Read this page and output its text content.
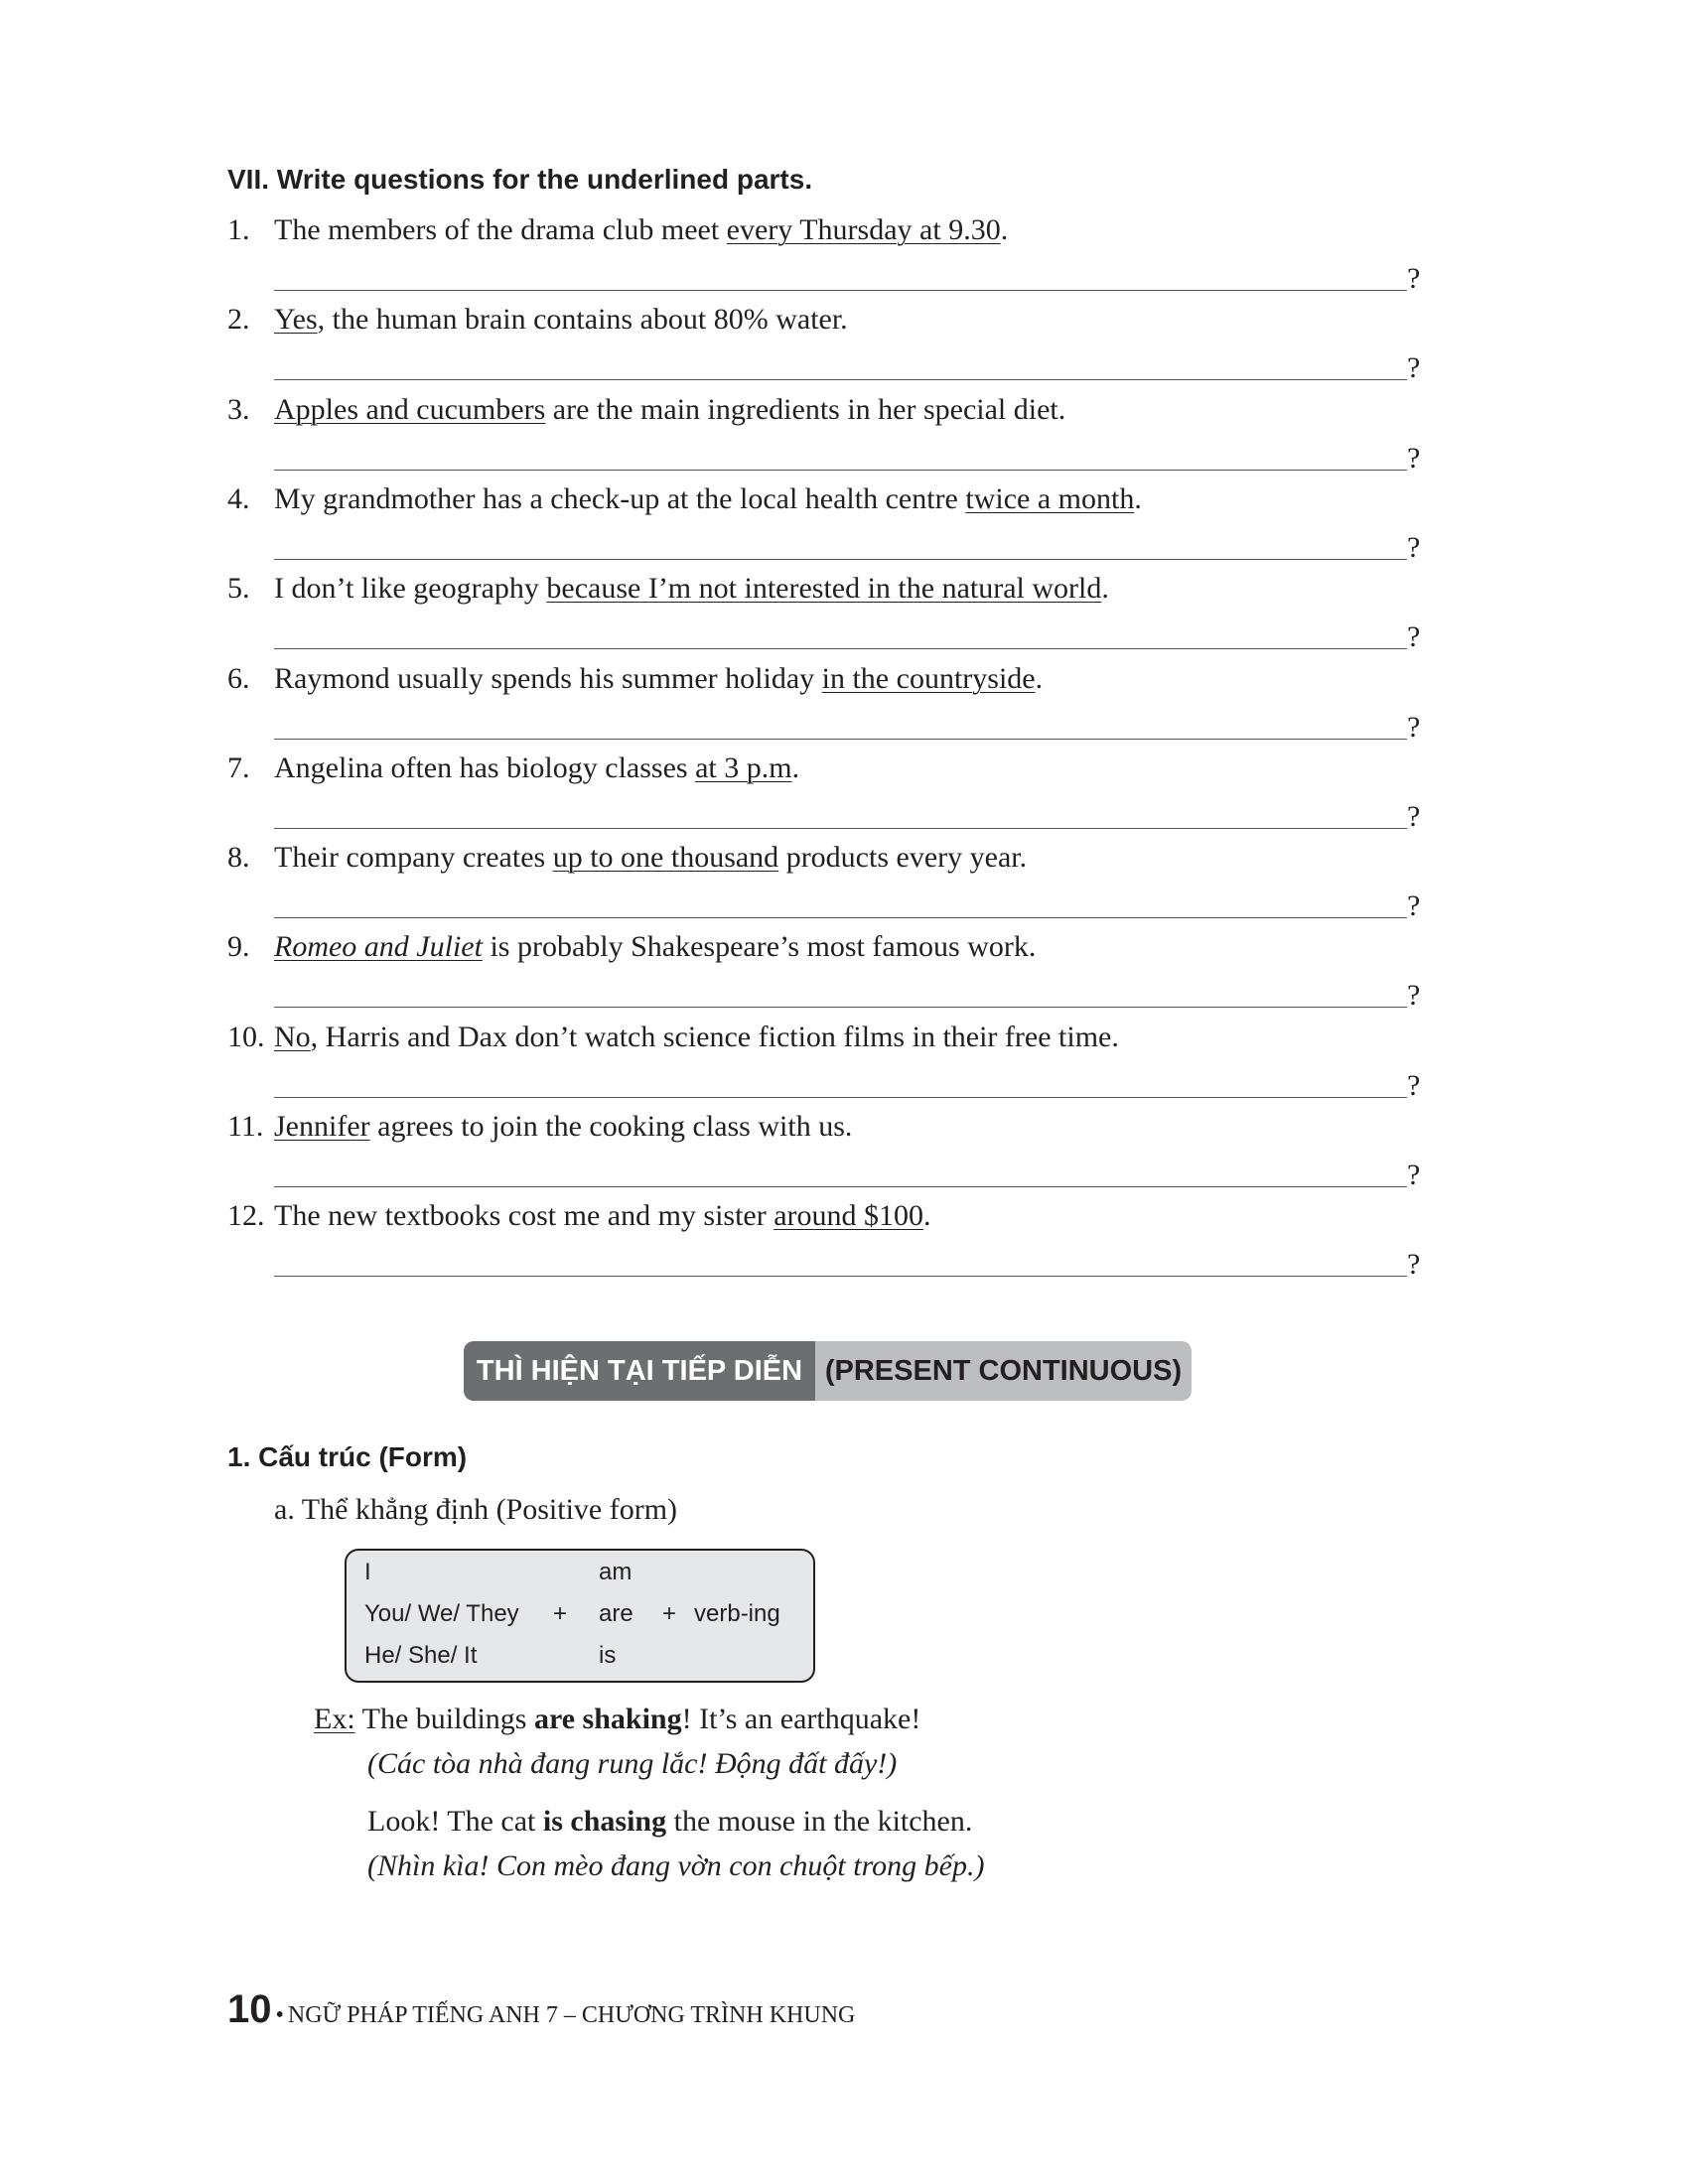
VII. Write questions for the underlined parts.
1. The members of the drama club meet every Thursday at 9.30.
?
2. Yes, the human brain contains about 80% water.
?
3. Apples and cucumbers are the main ingredients in her special diet.
?
4. My grandmother has a check-up at the local health centre twice a month.
?
5. I don’t like geography because I’m not interested in the natural world.
?
6. Raymond usually spends his summer holiday in the countryside.
?
7. Angelina often has biology classes at 3 p.m.
?
8. Their company creates up to one thousand products every year.
?
9. Romeo and Juliet is probably Shakespeare’s most famous work.
?
10. No, Harris and Dax don’t watch science fiction films in their free time.
?
11. Jennifer agrees to join the cooking class with us.
?
12. The new textbooks cost me and my sister around $100.
?
THÌ HIỆN TẠI TIẾP DIỄN (PRESENT CONTINUOUS)
1. Cấu trúc (Form)
a. Thể khẳng định (Positive form)
I
You/ We/ They
He/ She/ It
+
am
are
is
+ verb-ing
Ex: The buildings are shaking! It’s an earthquake!
(Các tòa nhà đang rung lắc! Động đất đấy!)
Look! The cat is chasing the mouse in the kitchen.
(Nhìn kìa! Con mèo đang vờn con chuột trong bếp.)
10 • NGỮ PHÁP TIẾNG ANH 7 – CHƯƠNG TRÌNH KHUNG
